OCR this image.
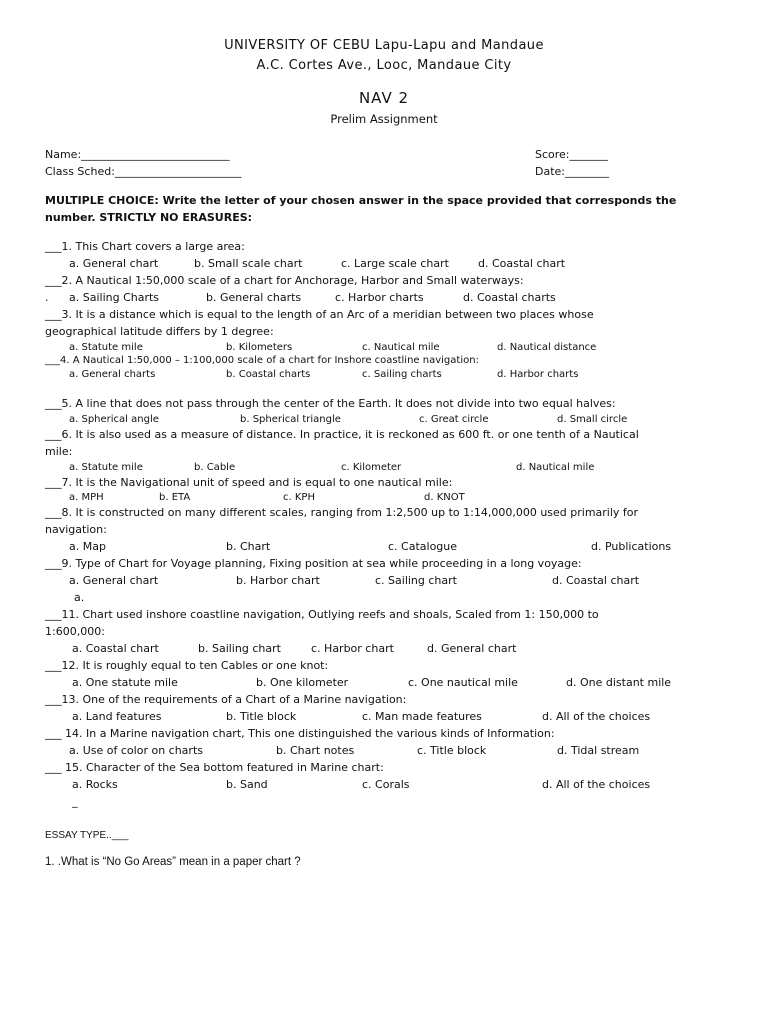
UNIVERSITY OF CEBU Lapu-Lapu and Mandaue
A.C. Cortes Ave., Looc, Mandaue City
NAV 2
Prelim Assignment
Name:___________________________	Score:_______
Class Sched:_______________________	Date:________
MULTIPLE CHOICE: Write the letter of your chosen answer in the space provided that corresponds the
number. STRICTLY NO ERASURES:
___1. This Chart covers a large area:
a. General chart	b. Small scale chart	c. Large scale chart	d. Coastal chart
___2. A Nautical 1:50,000 scale of a chart for Anchorage, Harbor and Small waterways:
. a. Sailing Charts	b. General charts	c. Harbor charts	d. Coastal charts
___3. It is a distance which is equal to the length of an Arc of a meridian between two places whose
geographical latitude differs by 1 degree:
a. Statute mile	b. Kilometers	c. Nautical mile	d. Nautical distance
___4. A Nautical 1:50,000 – 1:100,000 scale of a chart for Inshore coastline navigation:
a. General charts	b. Coastal charts	c. Sailing charts	d. Harbor charts
___5. A line that does not pass through the center of the Earth. It does not divide into two equal halves:
a. Spherical angle	b. Spherical triangle	c. Great circle	d. Small circle
___6. It is also used as a measure of distance. In practice, it is reckoned as 600 ft. or one tenth of a Nautical
mile:
a. Statute mile	b. Cable	c. Kilometer	d. Nautical mile
___7. It is the Navigational unit of speed and is equal to one nautical mile:
a. MPH	b. ETA	c. KPH	d. KNOT
___8. It is constructed on many different scales, ranging from 1:2,500 up to 1:14,000,000 used primarily for
navigation:
a. Map	b. Chart	c. Catalogue	d. Publications
___9. Type of Chart for Voyage planning, Fixing position at sea while proceeding in a long voyage:
a. General chart	b. Harbor chart	c. Sailing chart	d. Coastal chart
a.
___11. Chart used inshore coastline navigation, Outlying reefs and shoals, Scaled from 1: 150,000 to
1:600,000:
a. Coastal chart	b. Sailing chart	c. Harbor chart	d. General chart
___12. It is roughly equal to ten Cables or one knot:
a. One statute mile	b. One kilometer	c. One nautical mile	d. One distant mile
___13. One of the requirements of a Chart of a Marine navigation:
a. Land features	b. Title block	c. Man made features	d. All of the choices
___ 14. In a Marine navigation chart, This one distinguished the various kinds of Information:
a. Use of color on charts	b. Chart notes	c. Title block	d. Tidal stream
___ 15. Character of the Sea bottom featured in Marine chart:
a. Rocks	b. Sand	c. Corals	d. All of the choices
_
ESSAY TYPE..___
1. .What is “No Go Areas” mean in a paper chart ?
